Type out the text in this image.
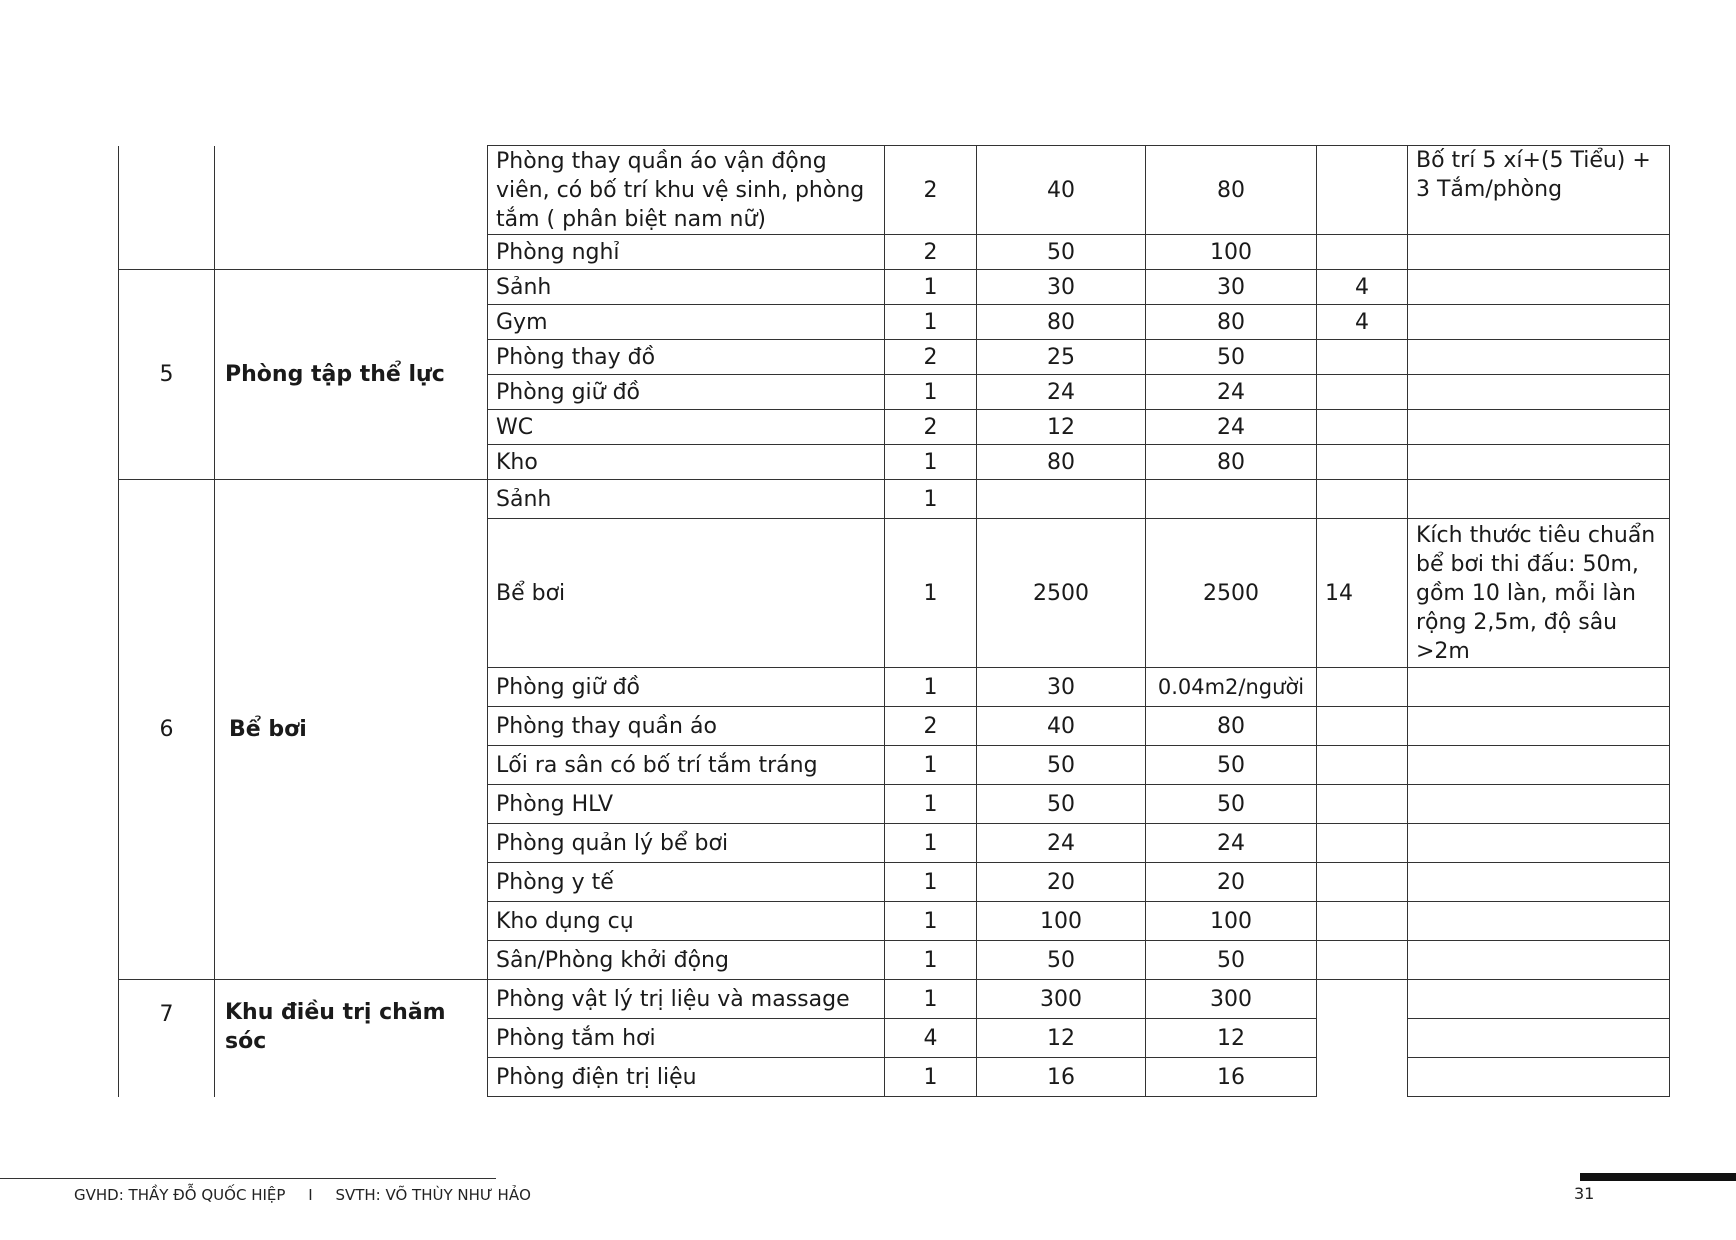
		Phòng thay quần áo vận động viên, có bố trí khu vệ sinh, phòng tắm ( phân biệt nam nữ)	2	40	80		Bố trí 5 xí+(5 Tiểu) + 3 Tắm/phòng
		Phòng nghỉ	2	50	100		
5	Phòng tập thể lực	Sảnh	1	30	30	4	
		Gym	1	80	80	4	
		Phòng thay đồ	2	25	50		
		Phòng giữ đồ	1	24	24		
		WC	2	12	24		
		Kho	1	80	80		
6	Bể bơi	Sảnh	1				
		Bể bơi	1	2500	2500	14	Kích thước tiêu chuẩn bể bơi thi đấu: 50m, gồm 10 làn, mỗi làn rộng 2,5m, độ sâu >2m
		Phòng giữ đồ	1	30	0.04m2/người		
		Phòng thay quần áo	2	40	80		
		Lối ra sân có bố trí tắm tráng	1	50	50		
		Phòng HLV	1	50	50		
		Phòng quản lý bể bơi	1	24	24		
		Phòng y tế	1	20	20		
		Kho dụng cụ	1	100	100		
		Sân/Phòng khởi động	1	50	50		
7	Khu điều trị chăm sóc	Phòng vật lý trị liệu và massage	1	300	300		
		Phòng tắm hơi	4	12	12		
		Phòng điện trị liệu	1	16	16		
GVHD: THẦY ĐỖ QUỐC HIỆP I SVTH: VÕ THÙY NHƯ HẢO	31
